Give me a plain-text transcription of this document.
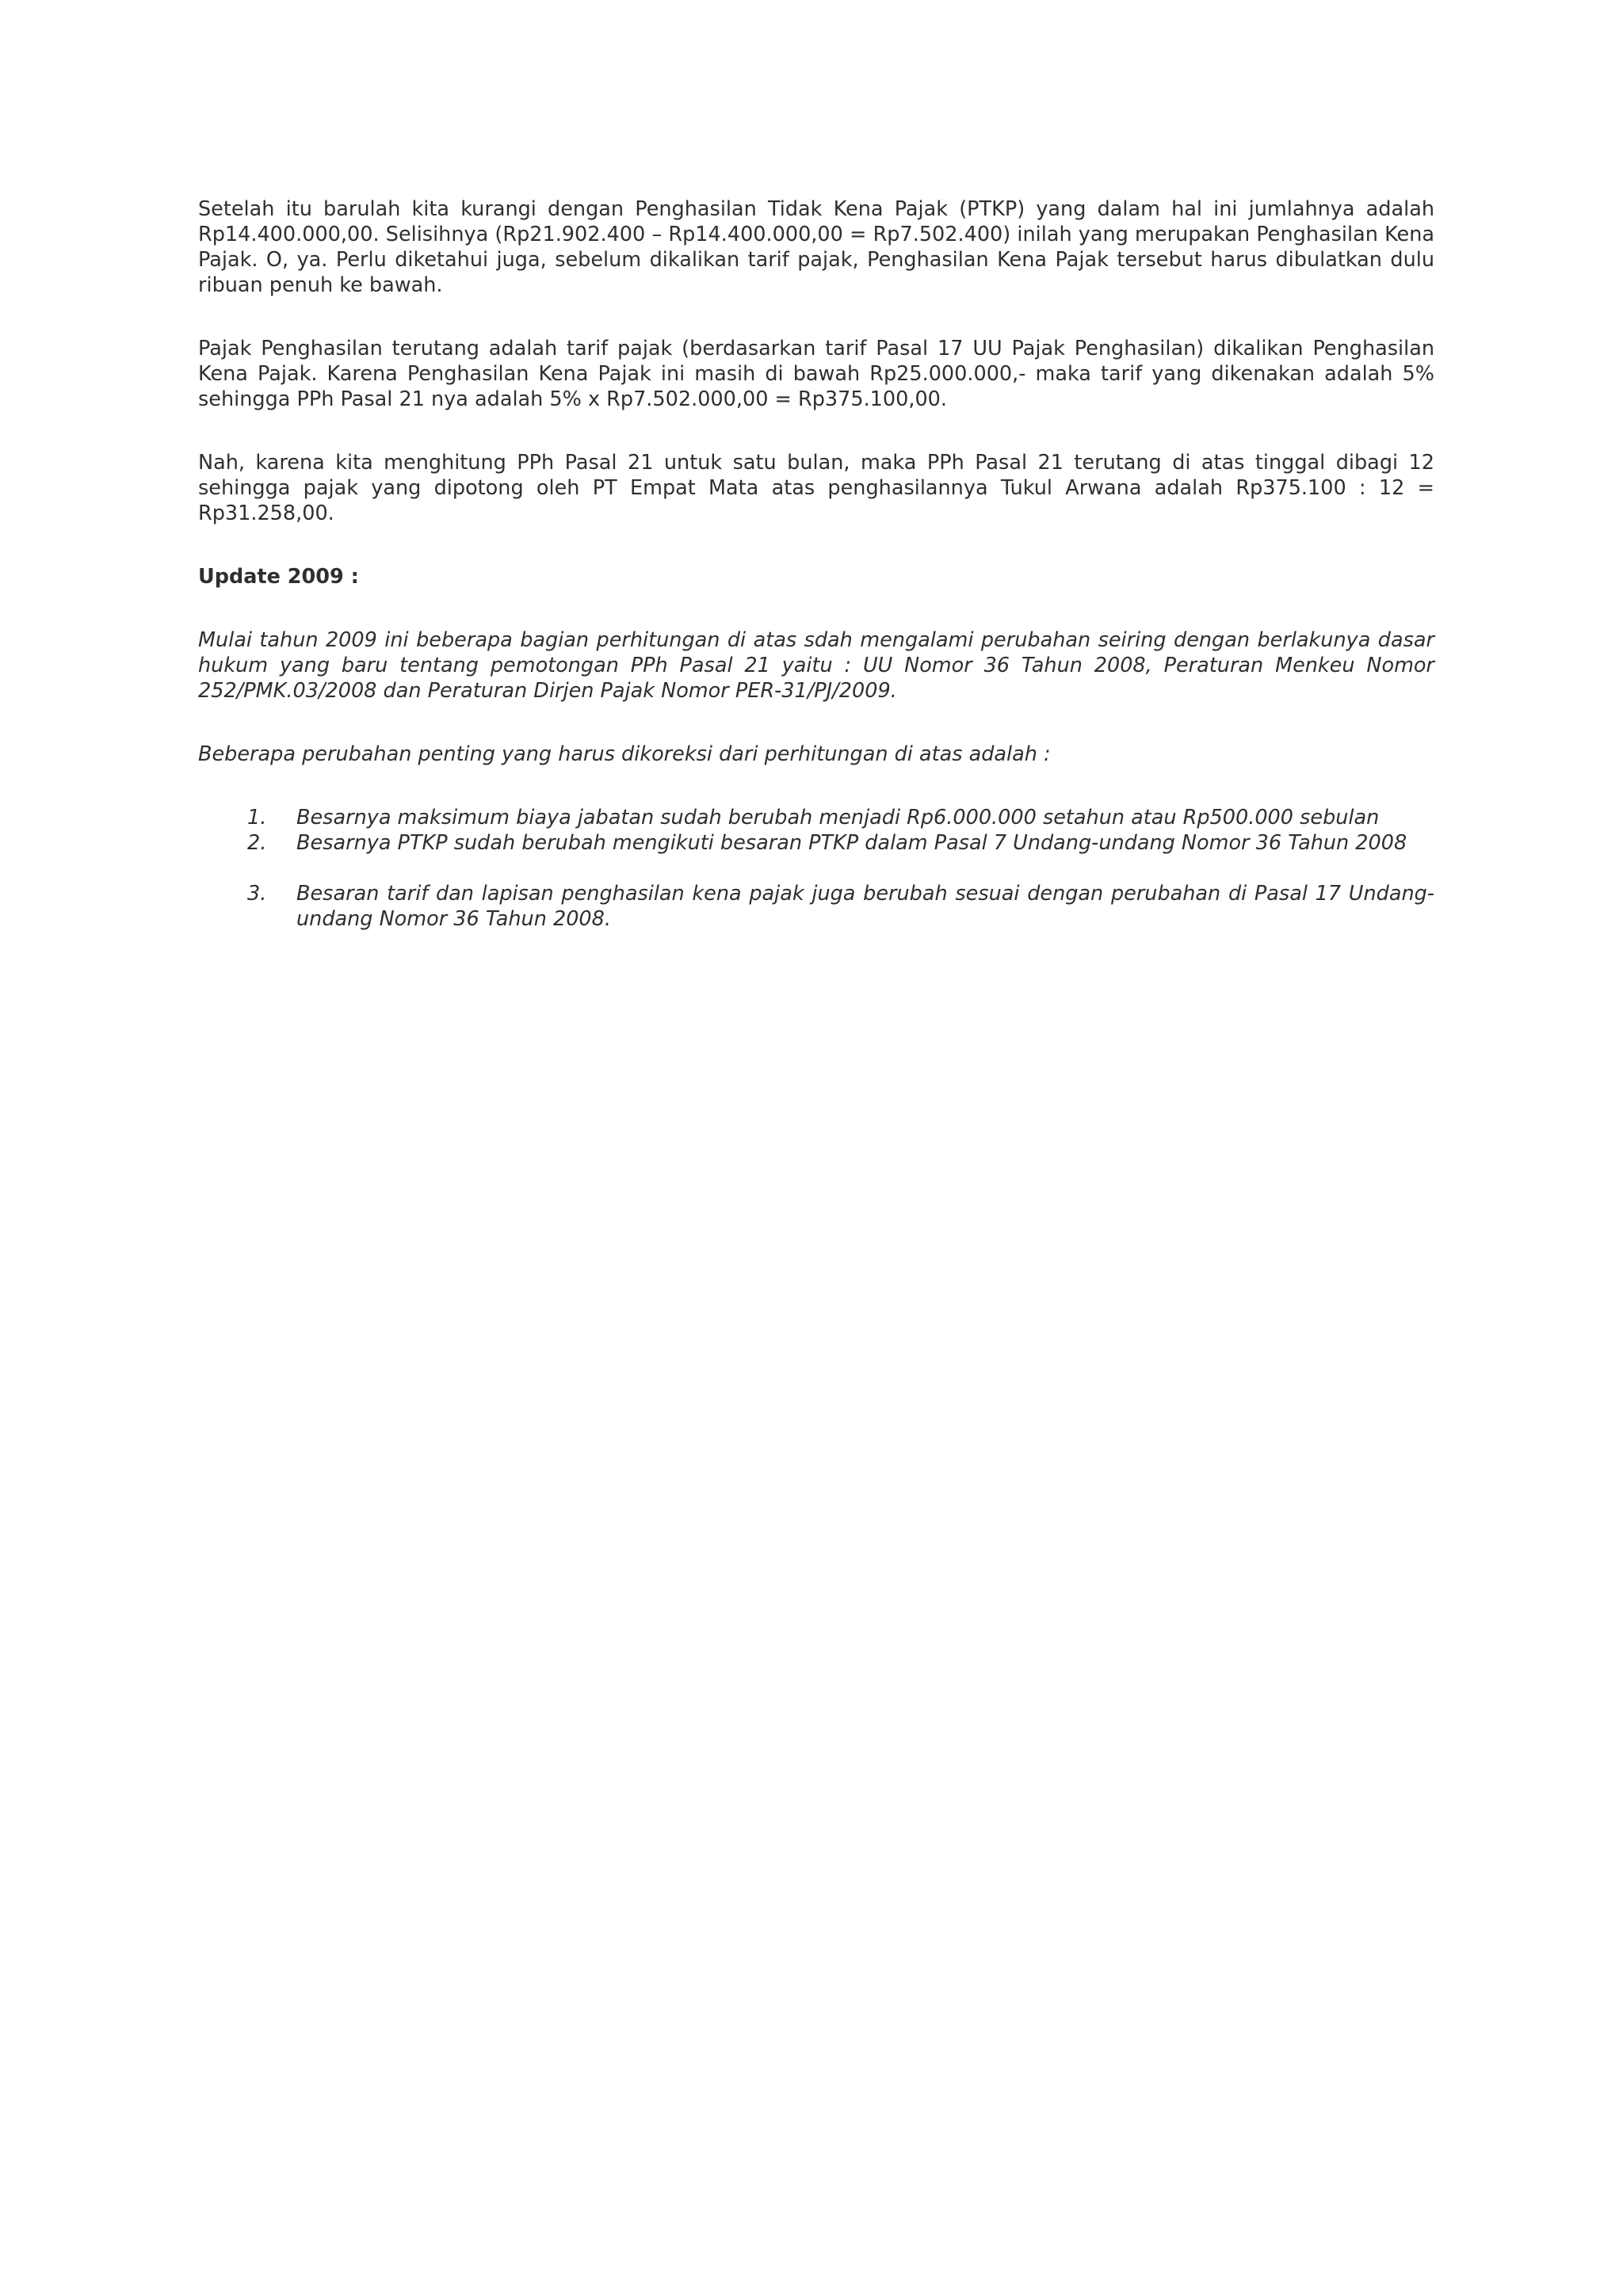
Setelah itu barulah kita kurangi dengan Penghasilan Tidak Kena Pajak (PTKP) yang dalam hal ini jumlahnya adalah Rp14.400.000,00. Selisihnya (Rp21.902.400 – Rp14.400.000,00 = Rp7.502.400) inilah yang merupakan Penghasilan Kena Pajak. O, ya. Perlu diketahui juga, sebelum dikalikan tarif pajak, Penghasilan Kena Pajak tersebut harus dibulatkan dulu ribuan penuh ke bawah.

Pajak Penghasilan terutang adalah tarif pajak (berdasarkan tarif Pasal 17 UU Pajak Penghasilan) dikalikan Penghasilan Kena Pajak. Karena Penghasilan Kena Pajak ini masih di bawah Rp25.000.000,- maka tarif yang dikenakan adalah 5% sehingga PPh Pasal 21 nya adalah 5% x Rp7.502.000,00 = Rp375.100,00.

Nah, karena kita menghitung PPh Pasal 21 untuk satu bulan, maka PPh Pasal 21 terutang di atas tinggal dibagi 12 sehingga pajak yang dipotong oleh PT Empat Mata atas penghasilannya Tukul Arwana adalah Rp375.100 : 12 = Rp31.258,00.

Update 2009 :

Mulai tahun 2009 ini beberapa bagian perhitungan di atas sdah mengalami perubahan seiring dengan berlakunya dasar hukum yang baru tentang pemotongan PPh Pasal 21 yaitu : UU Nomor 36 Tahun 2008, Peraturan Menkeu Nomor 252/PMK.03/2008 dan Peraturan Dirjen Pajak Nomor PER-31/PJ/2009.

Beberapa perubahan penting yang harus dikoreksi dari perhitungan di atas adalah :

1.	Besarnya maksimum biaya jabatan sudah berubah menjadi Rp6.000.000 setahun atau Rp500.000 sebulan
2.	Besarnya PTKP sudah berubah mengikuti besaran PTKP dalam Pasal 7 Undang-undang Nomor 36 Tahun 2008
3.	Besaran tarif dan lapisan penghasilan kena pajak juga berubah sesuai dengan perubahan di Pasal 17 Undang-undang Nomor 36 Tahun 2008.
